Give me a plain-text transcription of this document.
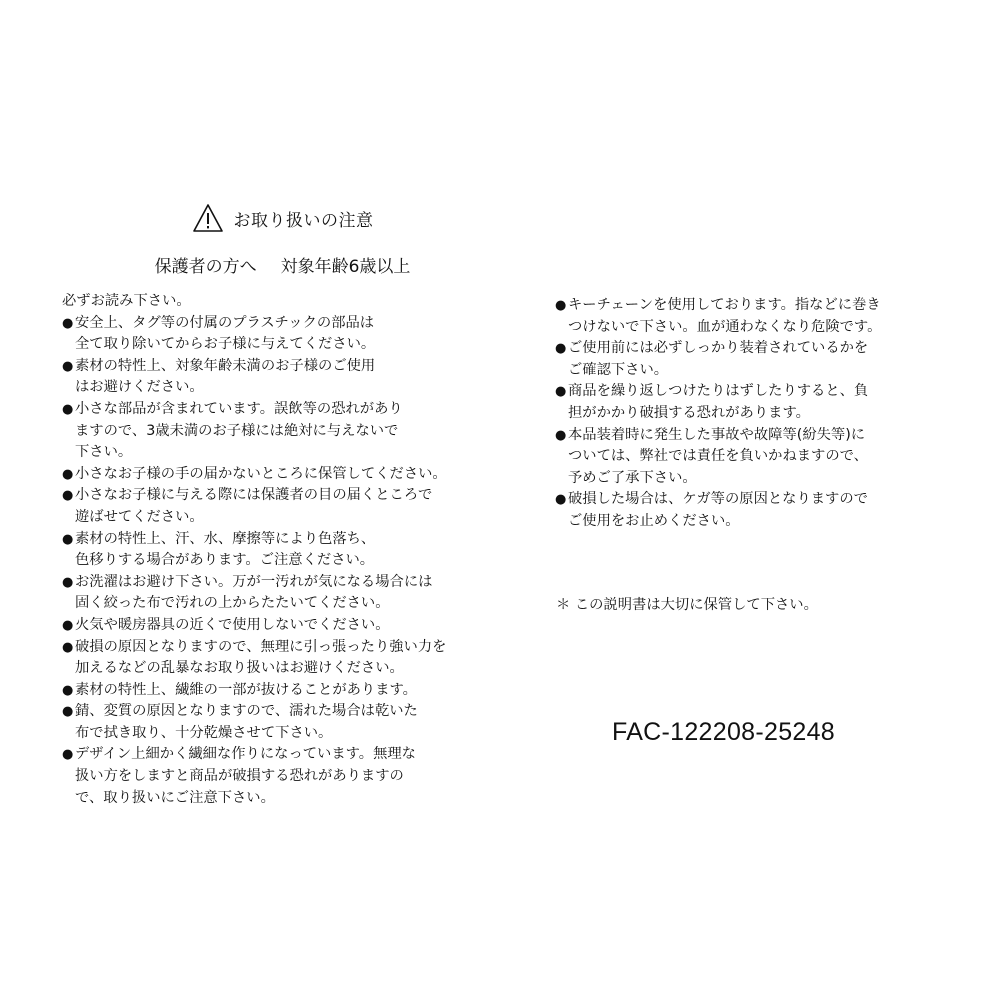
お取り扱いの注意
保護者の方へ 対象年齢6歳以上
必ずお読み下さい。
● 安全上、タグ等の付属のプラスチックの部品は
全て取り除いてからお子様に与えてください。
● 素材の特性上、対象年齢未満のお子様のご使用
はお避けください。
● 小さな部品が含まれています。誤飲等の恐れがあり
ますので、3歳未満のお子様には絶対に与えないで
下さい。
● 小さなお子様の手の届かないところに保管してください。
● 小さなお子様に与える際には保護者の目の届くところで
遊ばせてください。
● 素材の特性上、汗、水、摩擦等により色落ち、
色移りする場合があります。ご注意ください。
● お洗濯はお避け下さい。万が一汚れが気になる場合には
固く絞った布で汚れの上からたたいてください。
● 火気や暖房器具の近くで使用しないでください。
● 破損の原因となりますので、無理に引っ張ったり強い力を
加えるなどの乱暴なお取り扱いはお避けください。
● 素材の特性上、繊維の一部が抜けることがあります。
● 錆、変質の原因となりますので、濡れた場合は乾いた
布で拭き取り、十分乾燥させて下さい。
● デザイン上細かく繊細な作りになっています。無理な
扱い方をしますと商品が破損する恐れがありますの
で、取り扱いにご注意下さい。
● キーチェーンを使用しております。指などに巻き
つけないで下さい。血が通わなくなり危険です。
● ご使用前には必ずしっかり装着されているかを
ご確認下さい。
● 商品を繰り返しつけたりはずしたりすると、負
担がかかり破損する恐れがあります。
● 本品装着時に発生した事故や故障等(紛失等)に
ついては、弊社では責任を負いかねますので、
予めご了承下さい。
● 破損した場合は、ケガ等の原因となりますので
ご使用をお止めください。
＊ この説明書は大切に保管して下さい。
FAC-122208-25248
